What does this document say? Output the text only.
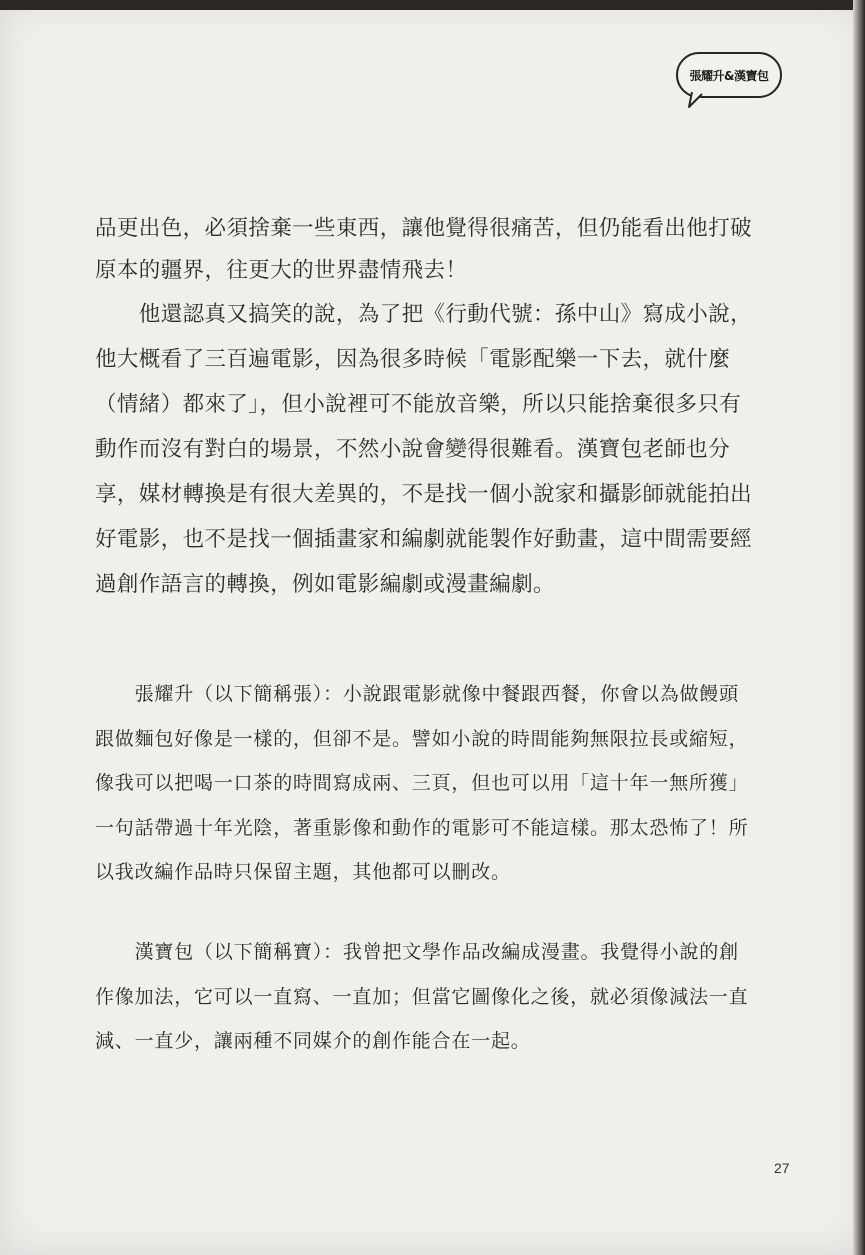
張耀升&漢寶包

品更出色，必須捨棄一些東西，讓他覺得很痛苦，但仍能看出他打破原本的疆界，往更大的世界盡情飛去！

　　他還認真又搞笑的說，為了把《行動代號：孫中山》寫成小說，他大概看了三百遍電影，因為很多時候「電影配樂一下去，就什麼（情緒）都來了」，但小說裡可不能放音樂，所以只能捨棄很多只有動作而沒有對白的場景，不然小說會變得很難看。漢寶包老師也分享，媒材轉換是有很大差異的，不是找一個小說家和攝影師就能拍出好電影，也不是找一個插畫家和編劇就能製作好動畫，這中間需要經過創作語言的轉換，例如電影編劇或漫畫編劇。

　　張耀升（以下簡稱張）：小說跟電影就像中餐跟西餐，你會以為做饅頭跟做麵包好像是一樣的，但卻不是。譬如小說的時間能夠無限拉長或縮短，像我可以把喝一口茶的時間寫成兩、三頁，但也可以用「這十年一無所獲」一句話帶過十年光陰，著重影像和動作的電影可不能這樣。那太恐怖了！所以我改編作品時只保留主題，其他都可以刪改。

　　漢寶包（以下簡稱寶）：我曾把文學作品改編成漫畫。我覺得小說的創作像加法，它可以一直寫、一直加；但當它圖像化之後，就必須像減法一直減、一直少，讓兩種不同媒介的創作能合在一起。

27
